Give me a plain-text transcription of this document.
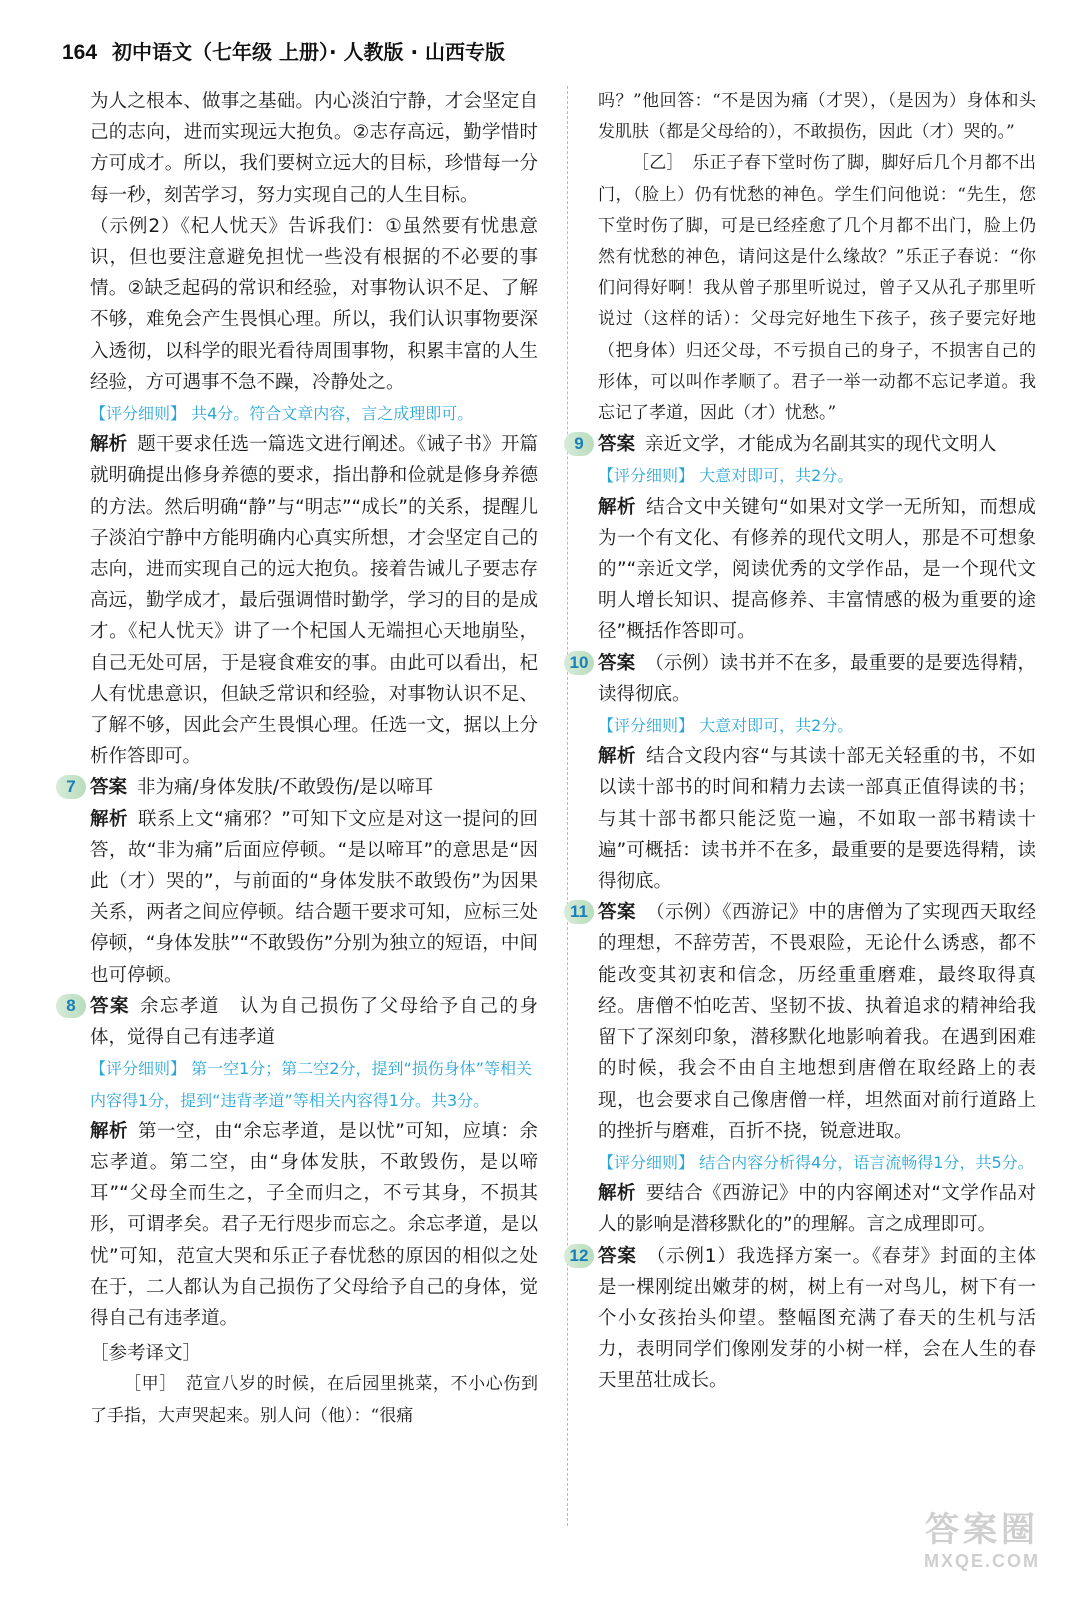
164 初中语文（七年级 上册）· 人教版 · 山西专版

为人之根本、做事之基础。内心淡泊宁静，才会坚定自己的志向，进而实现远大抱负。②志存高远，勤学惜时方可成才。所以，我们要树立远大的目标，珍惜每一分每一秒，刻苦学习，努力实现自己的人生目标。

（示例2）《杞人忧天》告诉我们：①虽然要有忧患意识，但也要注意避免担忧一些没有根据的不必要的事情。②缺乏起码的常识和经验，对事物认识不足、了解不够，难免会产生畏惧心理。所以，我们认识事物要深入透彻，以科学的眼光看待周围事物，积累丰富的人生经验，方可遇事不急不躁，冷静处之。

【评分细则】 共4分。符合文章内容，言之成理即可。

解析 题干要求任选一篇选文进行阐述。《诫子书》开篇就明确提出修身养德的要求，指出静和俭就是修身养德的方法。然后明确“静”与“明志”“成长”的关系，提醒儿子淡泊宁静中方能明确内心真实所想，才会坚定自己的志向，进而实现自己的远大抱负。接着告诫儿子要志存高远，勤学成才，最后强调惜时勤学，学习的目的是成才。《杞人忧天》讲了一个杞国人无端担心天地崩坠，自己无处可居，于是寝食难安的事。由此可以看出，杞人有忧患意识，但缺乏常识和经验，对事物认识不足、了解不够，因此会产生畏惧心理。任选一文，据以上分析作答即可。

7 答案 非为痛/身体发肤/不敢毁伤/是以啼耳

解析 联系上文“痛邪？”可知下文应是对这一提问的回答，故“非为痛”后面应停顿。“是以啼耳”的意思是“因此（才）哭的”，与前面的“身体发肤不敢毁伤”为因果关系，两者之间应停顿。结合题干要求可知，应标三处停顿，“身体发肤”“不敢毁伤”分别为独立的短语，中间也可停顿。

8 答案 余忘孝道　认为自己损伤了父母给予自己的身体，觉得自己有违孝道

【评分细则】 第一空1分；第二空2分，提到“损伤身体”等相关内容得1分，提到“违背孝道”等相关内容得1分。共3分。

解析 第一空，由“余忘孝道，是以忧”可知，应填：余忘孝道。第二空，由“身体发肤，不敢毁伤，是以啼耳”“父母全而生之，子全而归之，不亏其身，不损其形，可谓孝矣。君子无行咫步而忘之。余忘孝道，是以忧”可知，范宣大哭和乐正子春忧愁的原因的相似之处在于，二人都认为自己损伤了父母给予自己的身体，觉得自己有违孝道。

［参考译文］

［甲］　 范宣八岁的时候，在后园里挑菜，不小心伤到了手指，大声哭起来。别人问（他）：“很痛

吗？”他回答：“不是因为痛（才哭），（是因为）身体和头发肌肤（都是父母给的），不敢损伤，因此（才）哭的。”

［乙］　 乐正子春下堂时伤了脚，脚好后几个月都不出门，（脸上）仍有忧愁的神色。学生们问他说：“先生，您下堂时伤了脚，可是已经痊愈了几个月都不出门，脸上仍然有忧愁的神色，请问这是什么缘故？”乐正子春说：“你们问得好啊！我从曾子那里听说过，曾子又从孔子那里听说过（这样的话）：父母完好地生下孩子，孩子要完好地（把身体）归还父母，不亏损自己的身子，不损害自己的形体，可以叫作孝顺了。君子一举一动都不忘记孝道。我忘记了孝道，因此（才）忧愁。”

9 答案 亲近文学，才能成为名副其实的现代文明人

【评分细则】 大意对即可，共2分。

解析 结合文中关键句“如果对文学一无所知，而想成为一个有文化、有修养的现代文明人，那是不可想象的”“亲近文学，阅读优秀的文学作品，是一个现代文明人增长知识、提高修养、丰富情感的极为重要的途径”概括作答即可。

10 答案 （示例）读书并不在多，最重要的是要选得精，读得彻底。

【评分细则】 大意对即可，共2分。

解析 结合文段内容“与其读十部无关轻重的书，不如以读十部书的时间和精力去读一部真正值得读的书；与其十部书都只能泛览一遍，不如取一部书精读十遍”可概括：读书并不在多，最重要的是要选得精，读得彻底。

11 答案 （示例）《西游记》中的唐僧为了实现西天取经的理想，不辞劳苦，不畏艰险，无论什么诱惑，都不能改变其初衷和信念，历经重重磨难，最终取得真经。唐僧不怕吃苦、坚韧不拔、执着追求的精神给我留下了深刻印象，潜移默化地影响着我。在遇到困难的时候，我会不由自主地想到唐僧在取经路上的表现，也会要求自己像唐僧一样，坦然面对前行道路上的挫折与磨难，百折不挠，锐意进取。

【评分细则】 结合内容分析得4分，语言流畅得1分，共5分。

解析 要结合《西游记》中的内容阐述对“文学作品对人的影响是潜移默化的”的理解。言之成理即可。

12 答案 （示例1）我选择方案一。《春芽》封面的主体是一棵刚绽出嫩芽的树，树上有一对鸟儿，树下有一个小女孩抬头仰望。整幅图充满了春天的生机与活力，表明同学们像刚发芽的小树一样，会在人生的春天里茁壮成长。

答案圈
MXQE.COM
